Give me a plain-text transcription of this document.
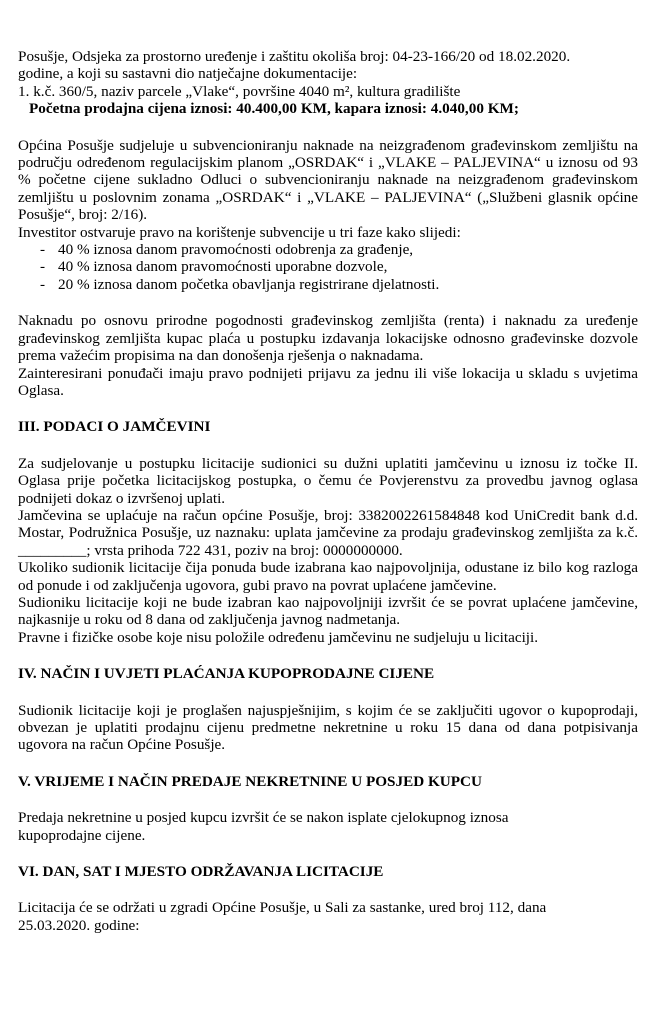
Posušje, Odsjeka za prostorno uređenje i zaštitu okoliša broj: 04-23-166/20 od 18.02.2020.

godine, a koji su sastavni dio natječajne dokumentacije:

1. k.č. 360/5, naziv parcele „Vlake“, površine 4040 m², kultura gradilište

Početna prodajna cijena iznosi: 40.400,00 KM, kapara iznosi: 4.040,00 KM;

Općina Posušje sudjeluje u subvencioniranju naknade na neizgrađenom građevinskom zemljištu na području određenom regulacijskim planom „OSRDAK“ i „VLAKE – PALJEVINA“ u iznosu od 93 % početne cijene sukladno Odluci o subvencioniranju naknade na neizgrađenom građevinskom zemljištu u poslovnim zonama „OSRDAK“ i „VLAKE – PALJEVINA“ („Službeni glasnik općine Posušje“, broj: 2/16).

Investitor ostvaruje pravo na korištenje subvencije u tri faze kako slijedi:

- 40 % iznosa danom pravomoćnosti odobrenja za građenje,
- 40 % iznosa danom pravomoćnosti uporabne dozvole,
- 20 % iznosa danom početka obavljanja registrirane djelatnosti.

Naknadu po osnovu prirodne pogodnosti građevinskog zemljišta (renta) i naknadu za uređenje građevinskog zemljišta kupac plaća u postupku izdavanja lokacijske odnosno građevinske dozvole prema važećim propisima na dan donošenja rješenja o naknadama.

Zainteresirani ponuđači imaju pravo podnijeti prijavu za jednu ili više lokacija u skladu s uvjetima Oglasa.

III. PODACI O JAMČEVINI

Za sudjelovanje u postupku licitacije sudionici su dužni uplatiti jamčevinu u iznosu iz točke II. Oglasa prije početka licitacijskog postupka, o čemu će Povjerenstvu za provedbu javnog oglasa podnijeti dokaz o izvršenoj uplati.

Jamčevina se uplaćuje na račun općine Posušje, broj: 3382002261584848 kod UniCredit bank d.d. Mostar, Podružnica Posušje, uz naznaku: uplata jamčevine za prodaju građevinskog zemljišta za k.č. _________; vrsta prihoda 722 431, poziv na broj: 0000000000.

Ukoliko sudionik licitacije čija ponuda bude izabrana kao najpovoljnija, odustane iz bilo kog razloga od ponude i od zaključenja ugovora, gubi pravo na povrat uplaćene jamčevine.

Sudioniku licitacije koji ne bude izabran kao najpovoljniji izvršit će se povrat uplaćene jamčevine, najkasnije u roku od 8 dana od zaključenja javnog nadmetanja.

Pravne i fizičke osobe koje nisu položile određenu jamčevinu ne sudjeluju u licitaciji.

IV. NAČIN I UVJETI PLAĆANJA KUPOPRODAJNE CIJENE

Sudionik licitacije koji je proglašen najuspješnijim, s kojim će se zaključiti ugovor o kupoprodaji, obvezan je uplatiti prodajnu cijenu predmetne nekretnine u roku 15 dana od dana potpisivanja ugovora na račun Općine Posušje.

V. VRIJEME I NAČIN PREDAJE NEKRETNINE U POSJED KUPCU

Predaja nekretnine u posjed kupcu izvršit će se nakon isplate cjelokupnog iznosa

kupoprodajne cijene.

VI. DAN, SAT I MJESTO ODRŽAVANJA LICITACIJE

Licitacija će se održati u zgradi Općine Posušje, u Sali za sastanke, ured broj 112, dana

25.03.2020. godine:
